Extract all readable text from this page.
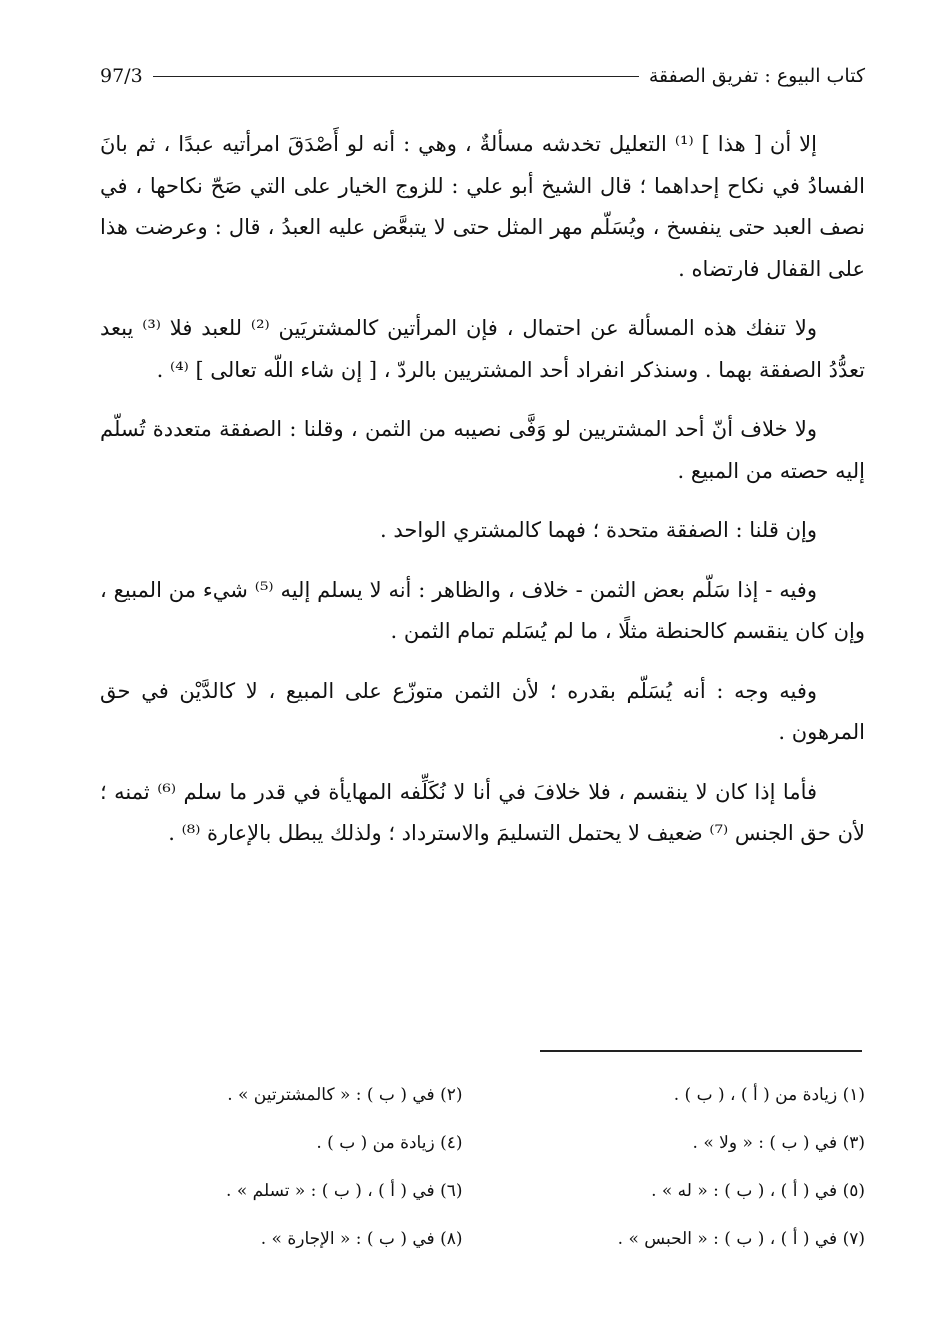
كتاب البيوع : تفريق الصفقة
97/3

إلا أن [ هذا ] ⁽¹⁾ التعليل تخدشه مسألةٌ ، وهي : أنه لو أَصْدَقَ امرأتيه عبدًا ، ثم بانَ الفسادُ في نكاح إحداهما ؛ قال الشيخ أبو علي : للزوج الخيار على التي صَحّ نكاحها ، في نصف العبد حتى ينفسخ ، ويُسَلّم مهر المثل حتى لا يتبعَّض عليه العبدُ ، قال : وعرضت هذا على القفال فارتضاه .

ولا تنفك هذه المسألة عن احتمال ، فإن المرأتين كالمشتريَين ⁽²⁾ للعبد فلا ⁽³⁾ يبعد تعدُّدُ الصفقة بهما . وسنذكر انفراد أحد المشتريين بالردّ ، [ إن شاء اللّه تعالى ] ⁽⁴⁾ .

ولا خلاف أنّ أحد المشتريين لو وَفَّى نصيبه من الثمن ، وقلنا : الصفقة متعددة تُسلّم إليه حصته من المبيع .

وإن قلنا : الصفقة متحدة ؛ فهما كالمشتري الواحد .

وفيه - إذا سَلّم بعض الثمن - خلاف ، والظاهر : أنه لا يسلم إليه ⁽⁵⁾ شيء من المبيع ، وإن كان ينقسم كالحنطة مثلًا ، ما لم يُسَلم تمام الثمن .

وفيه وجه : أنه يُسَلّم بقدره ؛ لأن الثمن متوزّع على المبيع ، لا كالدَّيْن في حق المرهون .

فأما إذا كان لا ينقسم ، فلا خلافَ في أنا لا نُكَلِّفه المهايأة في قدر ما سلم ⁽⁶⁾ ثمنه ؛ لأن حق الجنس ⁽⁷⁾ ضعيف لا يحتمل التسليمَ والاسترداد ؛ ولذلك يبطل بالإعارة ⁽⁸⁾ .

(١) زيادة من ( أ ) ، ( ب ) .
(٢) في ( ب ) : « كالمشترتين » .
(٣) في ( ب ) : « ولا » .
(٤) زيادة من ( ب ) .
(٥) في ( أ ) ، ( ب ) : « له » .
(٦) في ( أ ) ، ( ب ) : « تسلم » .
(٧) في ( أ ) ، ( ب ) : « الحبس » .
(٨) في ( ب ) : « الإجارة » .
